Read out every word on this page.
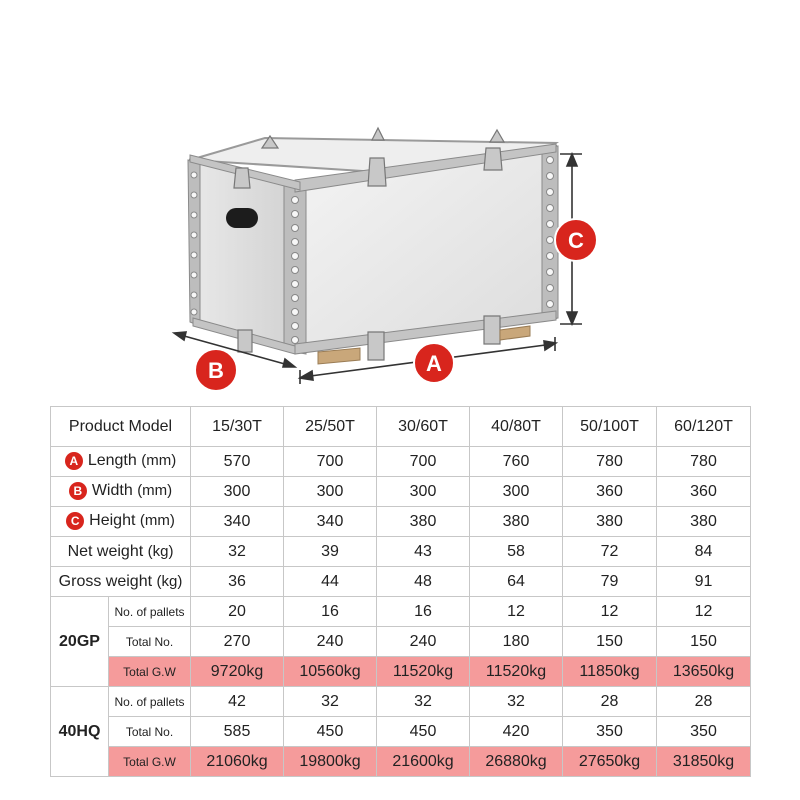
A
B
C
Product Model		15/30T	25/50T	30/60T	40/80T	50/100T	60/120T
A Length (mm)		570	700	700	760	780	780
B Width (mm)		300	300	300	300	360	360
C Height (mm)		340	340	380	380	380	380
Net weight (kg)		32	39	43	58	72	84
Gross weight (kg)		36	44	48	64	79	91
20GP	No. of pallets	20	16	16	12	12	12
	Total No.	270	240	240	180	150	150
	Total G.W	9720kg	10560kg	11520kg	11520kg	11850kg	13650kg
40HQ	No. of pallets	42	32	32	32	28	28
	Total No.	585	450	450	420	350	350
	Total G.W	21060kg	19800kg	21600kg	26880kg	27650kg	31850kg
